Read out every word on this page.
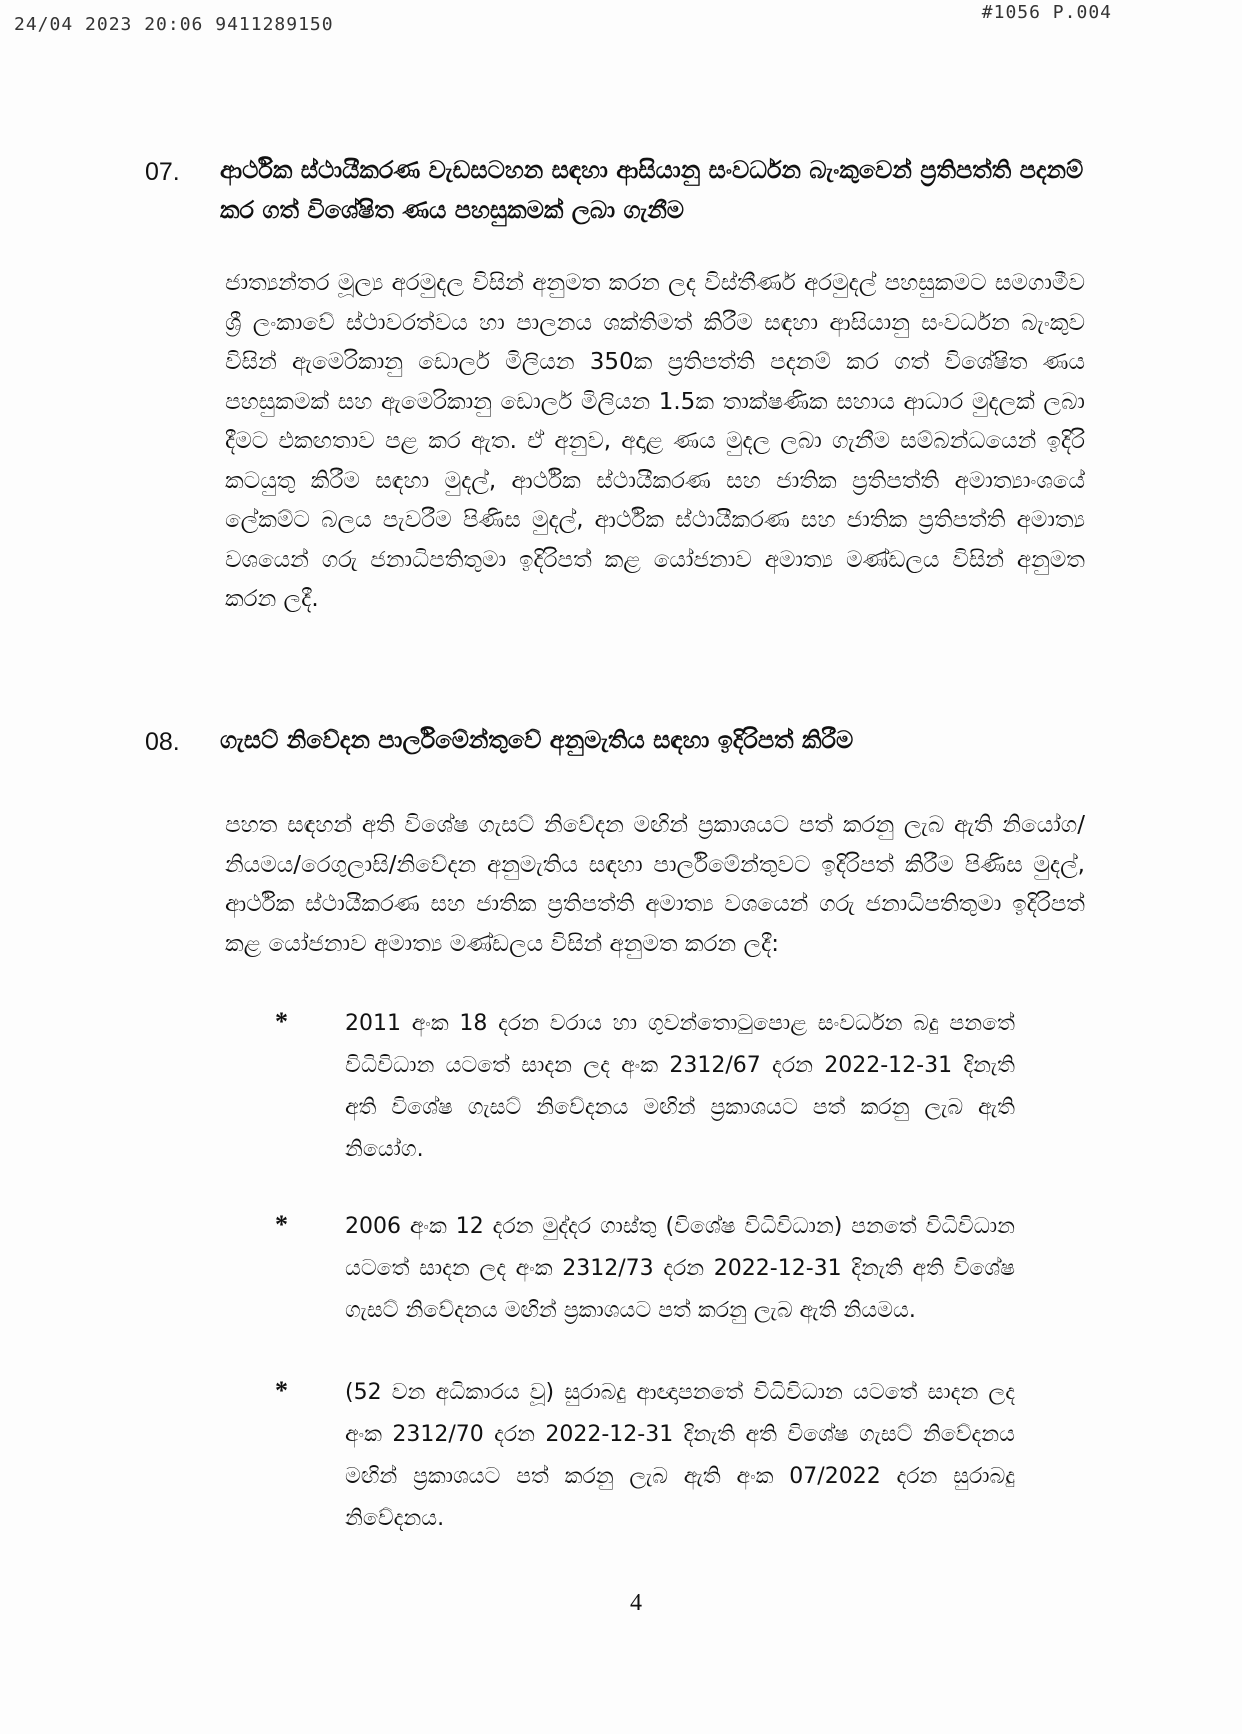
24/04 2023 20:06 9411289150
#1056 P.004
07. ආර්ථික ස්ථායීකරණ වැඩසටහන සඳහා ආසියානු සංවර්ධන බැංකුවෙන් ප්‍රතිපත්ති පදනම් කර ගත් විශේෂිත ණය පහසුකමක් ලබා ගැනීම
ජාත්‍යන්තර මූල්‍ය අරමුදල විසින් අනුමත කරන ලද විස්තීර්ණ අරමුදල් පහසුකමට සමගාමීව ශ්‍රී ලංකාවේ ස්ථාවරත්වය හා පාලනය ශක්තිමත් කිරීම සඳහා ආසියානු සංවර්ධන බැංකුව විසින් ඇමෙරිකානු ඩොලර් මිලියන 350ක ප්‍රතිපත්ති පදනම් කර ගත් විශේෂිත ණය පහසුකමක් සහ ඇමෙරිකානු ඩොලර් මිලියන 1.5ක තාක්ෂණික සහාය ආධාර මුදලක් ලබා දීමට එකඟතාව පළ කර ඇත. ඒ අනුව, අදාළ ණය මුදල ලබා ගැනීම සම්බන්ධයෙන් ඉදිරි කටයුතු කිරීම සඳහා මුදල්, ආර්ථික ස්ථායීකරණ සහ ජාතික ප්‍රතිපත්ති අමාත්‍යාංශයේ ලේකම්ට බලය පැවරීම පිණිස මුදල්, ආර්ථික ස්ථායීකරණ සහ ජාතික ප්‍රතිපත්ති අමාත්‍ය වශයෙන් ගරු ජනාධිපතිතුමා ඉදිරිපත් කළ යෝජනාව අමාත්‍ය මණ්ඩලය විසින් අනුමත කරන ලදී.
08. ගැසට් නිවේදන පාර්ලිමේන්තුවේ අනුමැතිය සඳහා ඉදිරිපත් කිරීම
පහත සඳහන් අති විශේෂ ගැසට් නිවේදන මඟින් ප්‍රකාශයට පත් කරනු ලැබ ඇති නියෝග/නියමය/රෙගුලාසි/නිවේදන අනුමැතිය සඳහා පාර්ලිමේන්තුවට ඉදිරිපත් කිරීම පිණිස මුදල්, ආර්ථික ස්ථායීකරණ සහ ජාතික ප්‍රතිපත්ති අමාත්‍ය වශයෙන් ගරු ජනාධිපතිතුමා ඉදිරිපත් කළ යෝජනාව අමාත්‍ය මණ්ඩලය විසින් අනුමත කරන ලදී:
*	2011 අංක 18 දරන වරාය හා ගුවන්තොටුපොළ සංවර්ධන බදු පනතේ විධිවිධාන යටතේ සාදන ලද අංක 2312/67 දරන 2022-12-31 දිනැති අති විශේෂ ගැසට් නිවේදනය මඟින් ප්‍රකාශයට පත් කරනු ලැබ ඇති නියෝග.
*	2006 අංක 12 දරන මුද්දර ගාස්තු (විශේෂ විධිවිධාන) පනතේ විධිවිධාන යටතේ සාදන ලද අංක 2312/73 දරන 2022-12-31 දිනැති අති විශේෂ ගැසට් නිවේදනය මඟින් ප්‍රකාශයට පත් කරනු ලැබ ඇති නියමය.
*	(52 වන අධිකාරය වූ) සුරාබදු ආඥාපනතේ විධිවිධාන යටතේ සාදන ලද අංක 2312/70 දරන 2022-12-31 දිනැති අති විශේෂ ගැසට් නිවේදනය මඟින් ප්‍රකාශයට පත් කරනු ලැබ ඇති අංක 07/2022 දරන සුරාබදු නිවේදනය.
4
